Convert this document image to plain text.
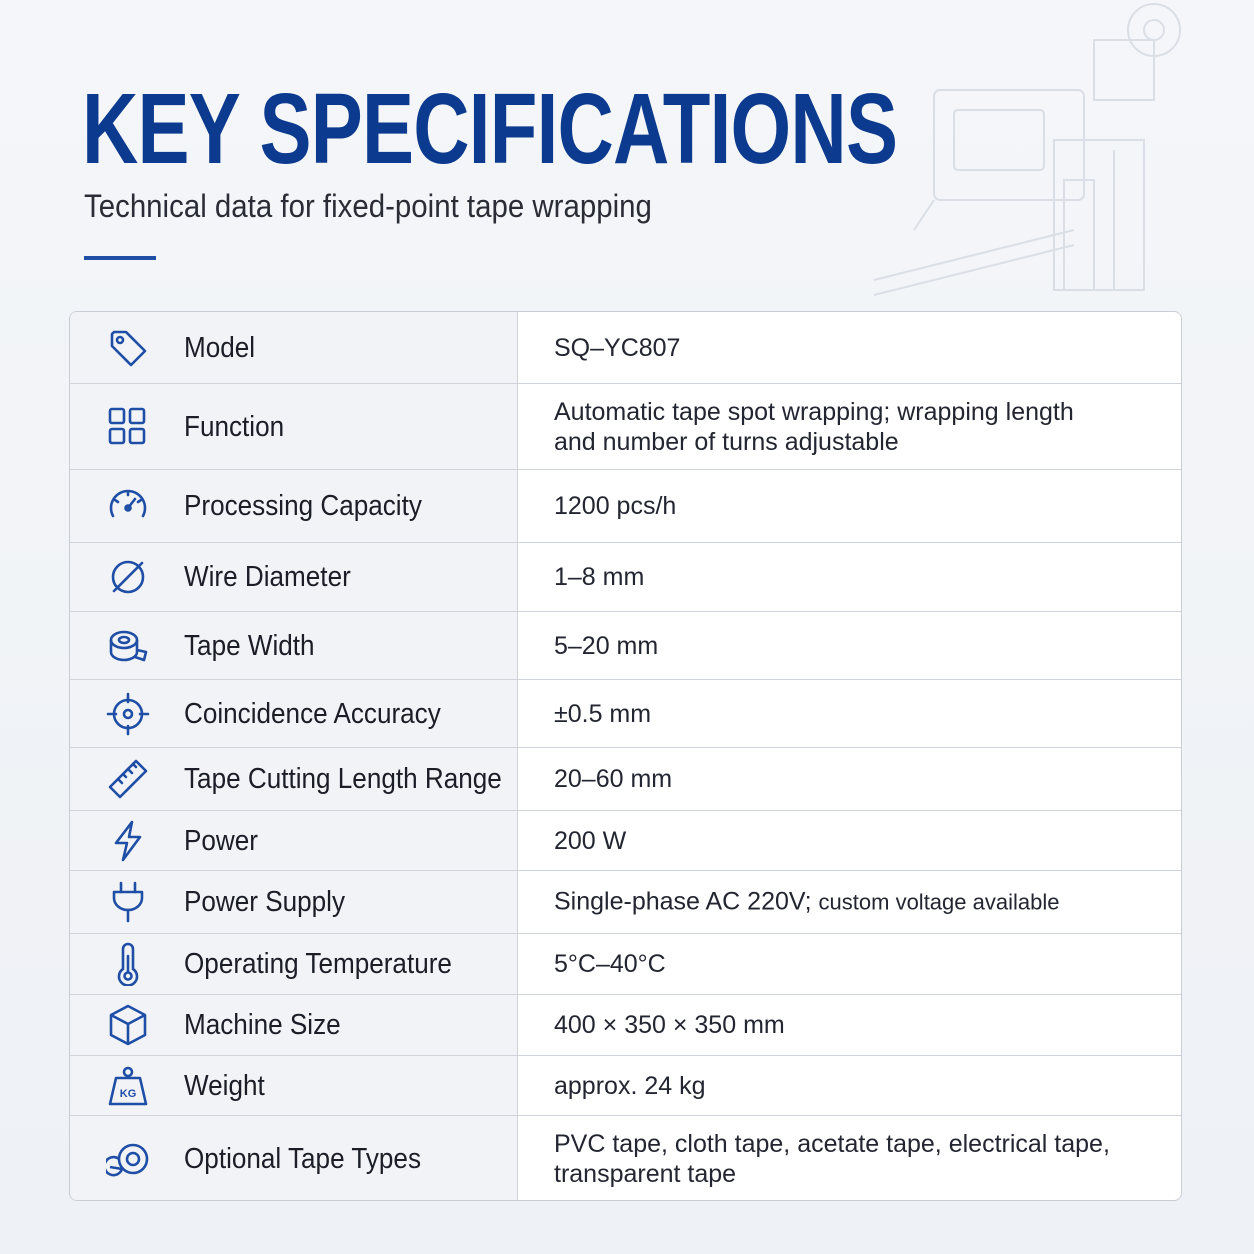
KEY SPECIFICATIONS

Technical data for fixed-point tape wrapping

Model	SQ–YC807
Function	Automatic tape spot wrapping; wrapping length and number of turns adjustable
Processing Capacity	1200 pcs/h
Wire Diameter	1–8 mm
Tape Width	5–20 mm
Coincidence Accuracy	±0.5 mm
Tape Cutting Length Range 20–60 mm
Power	200 W
Power Supply	Single-phase AC 220V; custom voltage available
Operating Temperature	5°C–40°C
Machine Size	400 × 350 × 350 mm
KG Weight	approx. 24 kg
Optional Tape Types	PVC tape, cloth tape, acetate tape, electrical tape, transparent tape
